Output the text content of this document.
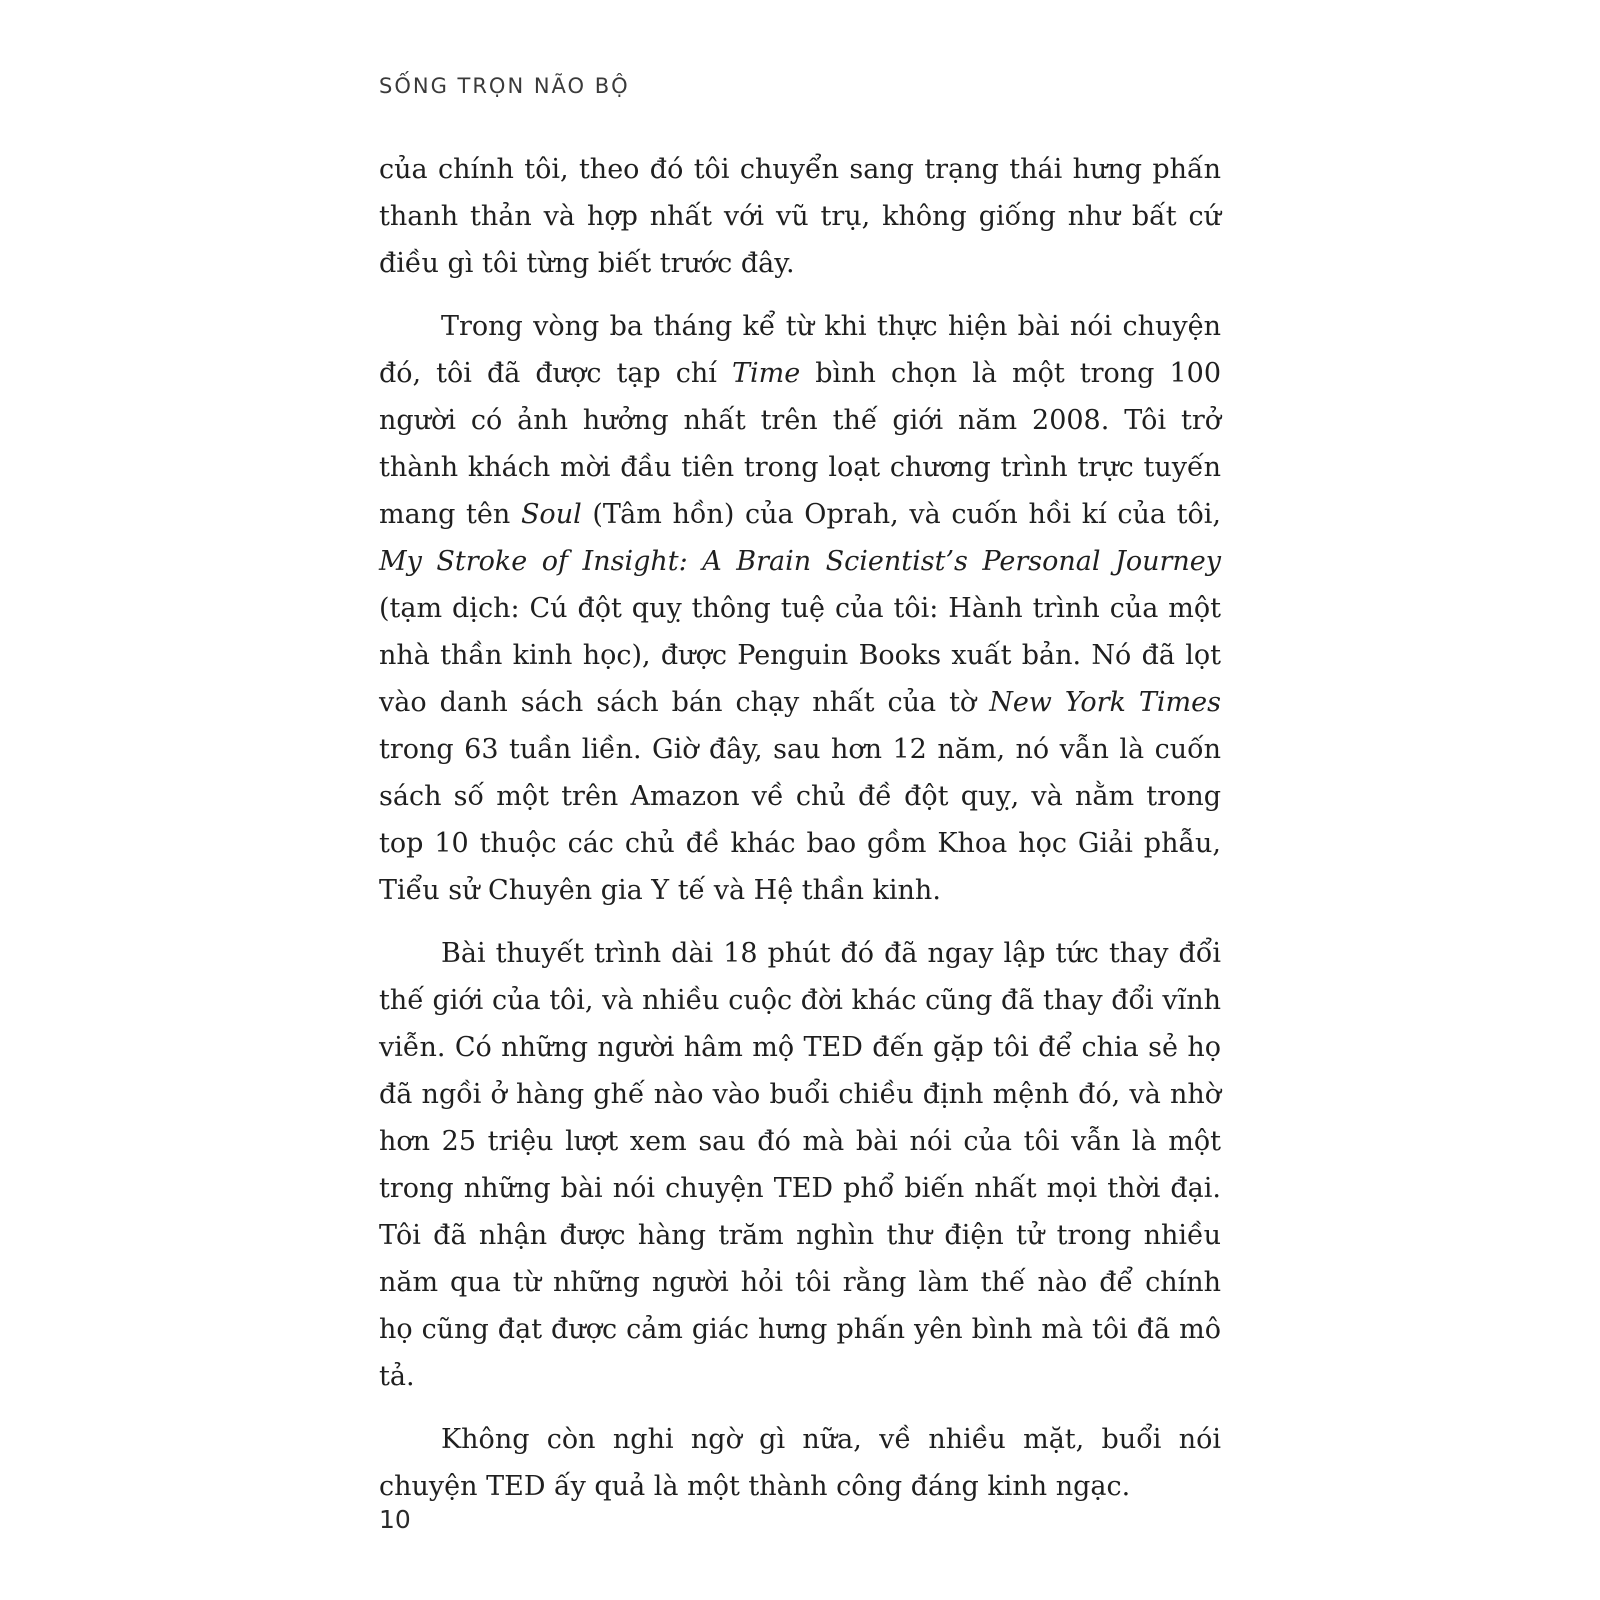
SỐNG TRỌN NÃO BỘ

của chính tôi, theo đó tôi chuyển sang trạng thái hưng phấn thanh thản và hợp nhất với vũ trụ, không giống như bất cứ điều gì tôi từng biết trước đây.

Trong vòng ba tháng kể từ khi thực hiện bài nói chuyện đó, tôi đã được tạp chí Time bình chọn là một trong 100 người có ảnh hưởng nhất trên thế giới năm 2008. Tôi trở thành khách mời đầu tiên trong loạt chương trình trực tuyến mang tên Soul (Tâm hồn) của Oprah, và cuốn hồi kí của tôi, My Stroke of Insight: A Brain Scientist’s Personal Journey (tạm dịch: Cú đột quỵ thông tuệ của tôi: Hành trình của một nhà thần kinh học), được Penguin Books xuất bản. Nó đã lọt vào danh sách sách bán chạy nhất của tờ New York Times trong 63 tuần liền. Giờ đây, sau hơn 12 năm, nó vẫn là cuốn sách số một trên Amazon về chủ đề đột quỵ, và nằm trong top 10 thuộc các chủ đề khác bao gồm Khoa học Giải phẫu, Tiểu sử Chuyên gia Y tế và Hệ thần kinh.

Bài thuyết trình dài 18 phút đó đã ngay lập tức thay đổi thế giới của tôi, và nhiều cuộc đời khác cũng đã thay đổi vĩnh viễn. Có những người hâm mộ TED đến gặp tôi để chia sẻ họ đã ngồi ở hàng ghế nào vào buổi chiều định mệnh đó, và nhờ hơn 25 triệu lượt xem sau đó mà bài nói của tôi vẫn là một trong những bài nói chuyện TED phổ biến nhất mọi thời đại. Tôi đã nhận được hàng trăm nghìn thư điện tử trong nhiều năm qua từ những người hỏi tôi rằng làm thế nào để chính họ cũng đạt được cảm giác hưng phấn yên bình mà tôi đã mô tả.

Không còn nghi ngờ gì nữa, về nhiều mặt, buổi nói chuyện TED ấy quả là một thành công đáng kinh ngạc.

10
